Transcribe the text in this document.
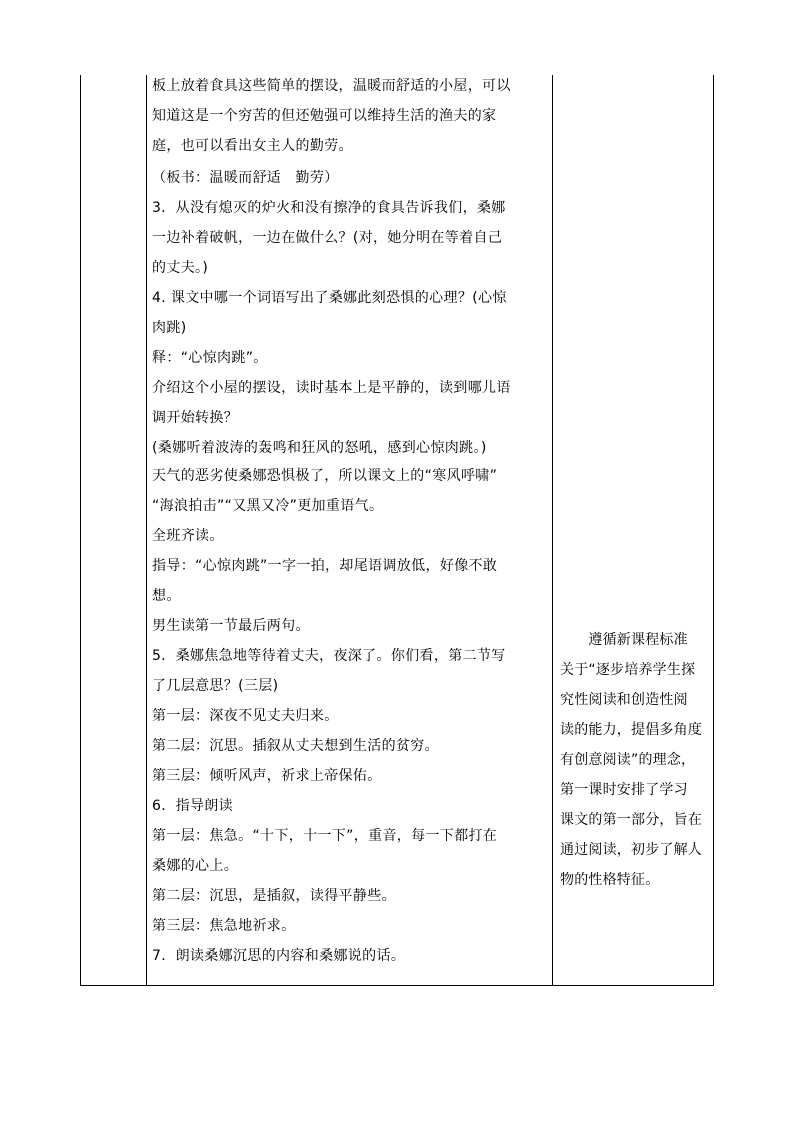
板上放着食具这些简单的摆设，温暖而舒适的小屋，可以
知道这是一个穷苦的但还勉强可以维持生活的渔夫的家
庭，也可以看出女主人的勤劳。
（板书：温暖而舒适　勤劳）
3．从没有熄灭的炉火和没有擦净的食具告诉我们，桑娜
一边补着破帆，一边在做什么？(对，她分明在等着自己
的丈夫。)
4. 课文中哪一个词语写出了桑娜此刻恐惧的心理？(心惊
肉跳)
释：“心惊肉跳”。
介绍这个小屋的摆设，读时基本上是平静的，读到哪儿语
调开始转换？
(桑娜听着波涛的轰鸣和狂风的怒吼，感到心惊肉跳。)
天气的恶劣使桑娜恐惧极了，所以课文上的“寒风呼啸”
“海浪拍击”“又黑又冷”更加重语气。
全班齐读。
指导：“心惊肉跳”一字一拍，却尾语调放低，好像不敢
想。
男生读第一节最后两句。
5．桑娜焦急地等待着丈夫，夜深了。你们看，第二节写
了几层意思？(三层)
第一层：深夜不见丈夫归来。
第二层：沉思。插叙从丈夫想到生活的贫穷。
第三层：倾听风声，祈求上帝保佑。
6．指导朗读
第一层：焦急。“十下，十一下”，重音，每一下都打在
桑娜的心上。
第二层：沉思，是插叙，读得平静些。
第三层：焦急地祈求。
7．朗读桑娜沉思的内容和桑娜说的话。
　　遵循新课程标准
关于“逐步培养学生探
究性阅读和创造性阅
读的能力，提倡多角度
有创意阅读”的理念，
第一课时安排了学习
课文的第一部分，旨在
通过阅读，初步了解人
物的性格特征。
